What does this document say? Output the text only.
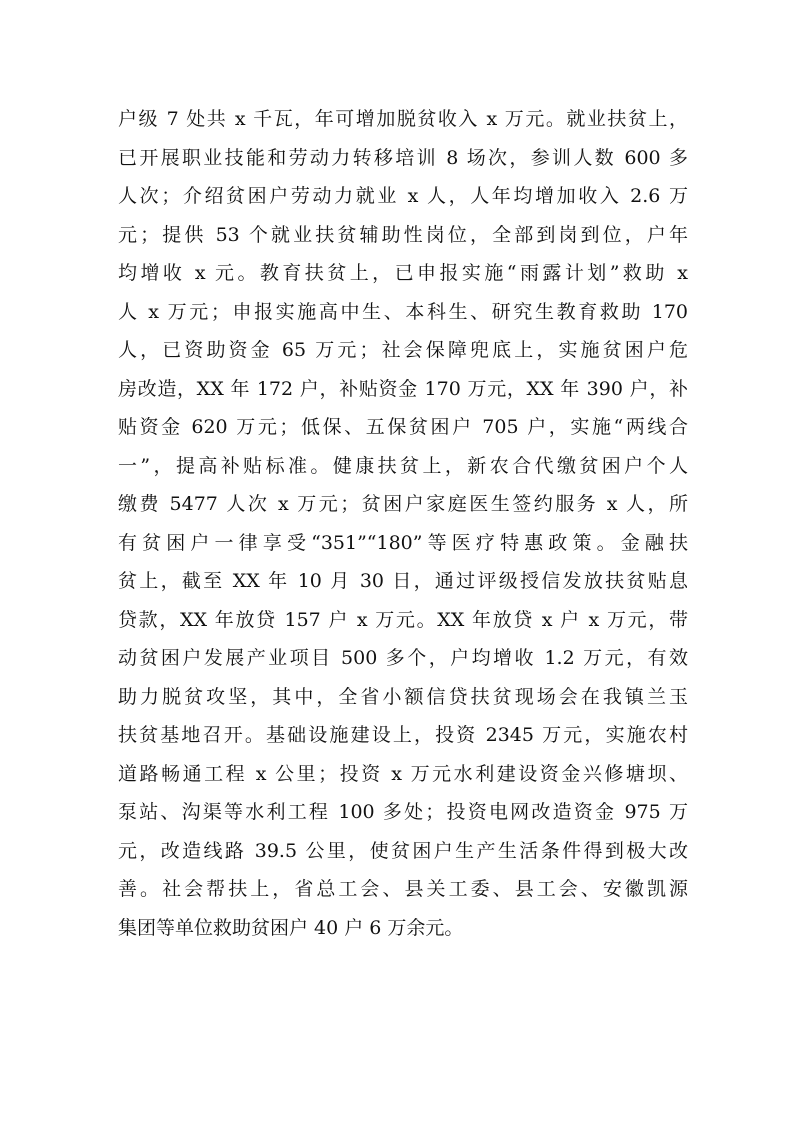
户级 7 处共 x 千瓦，年可增加脱贫收入 x 万元。就业扶贫上，
已开展职业技能和劳动力转移培训 8 场次，参训人数 600 多
人次；介绍贫困户劳动力就业 x 人，人年均增加收入 2.6 万
元；提供 53 个就业扶贫辅助性岗位，全部到岗到位，户年
均增收 x 元。教育扶贫上，已申报实施“雨露计划”救助 x
人 x 万元；申报实施高中生、本科生、研究生教育救助 170
人，已资助资金 65 万元；社会保障兜底上，实施贫困户危
房改造，XX 年 172 户，补贴资金 170 万元，XX 年 390 户，补
贴资金 620 万元；低保、五保贫困户 705 户，实施“两线合
一”，提高补贴标准。健康扶贫上，新农合代缴贫困户个人
缴费 5477 人次 x 万元；贫困户家庭医生签约服务 x 人，所
有贫困户一律享受“351”“180”等医疗特惠政策。金融扶
贫上，截至 XX 年 10 月 30 日，通过评级授信发放扶贫贴息
贷款，XX 年放贷 157 户 x 万元。XX 年放贷 x 户 x 万元，带
动贫困户发展产业项目 500 多个，户均增收 1.2 万元，有效
助力脱贫攻坚，其中，全省小额信贷扶贫现场会在我镇兰玉
扶贫基地召开。基础设施建设上，投资 2345 万元，实施农村
道路畅通工程 x 公里；投资 x 万元水利建设资金兴修塘坝、
泵站、沟渠等水利工程 100 多处；投资电网改造资金 975 万
元，改造线路 39.5 公里，使贫困户生产生活条件得到极大改
善。社会帮扶上，省总工会、县关工委、县工会、安徽凯源
集团等单位救助贫困户 40 户 6 万余元。
